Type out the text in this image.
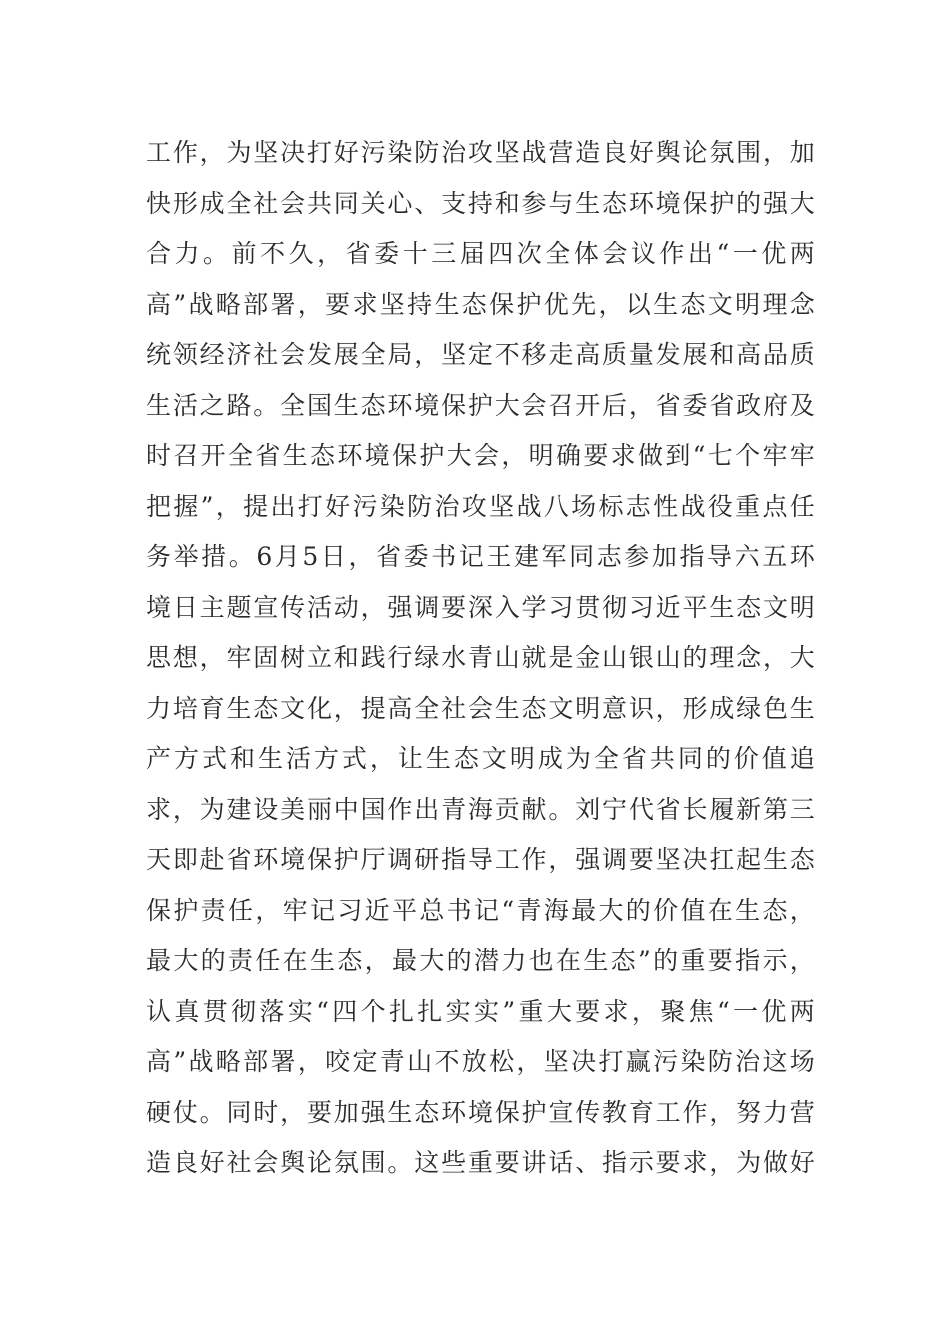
工作，为坚决打好污染防治攻坚战营造良好舆论氛围，加
快形成全社会共同关心、支持和参与生态环境保护的强大
合力。前不久，省委十三届四次全体会议作出“一优两
高”战略部署，要求坚持生态保护优先，以生态文明理念
统领经济社会发展全局，坚定不移走高质量发展和高品质
生活之路。全国生态环境保护大会召开后，省委省政府及
时召开全省生态环境保护大会，明确要求做到“七个牢牢
把握”，提出打好污染防治攻坚战八场标志性战役重点任
务举措。6月5日，省委书记王建军同志参加指导六五环
境日主题宣传活动，强调要深入学习贯彻习近平生态文明
思想，牢固树立和践行绿水青山就是金山银山的理念，大
力培育生态文化，提高全社会生态文明意识，形成绿色生
产方式和生活方式，让生态文明成为全省共同的价值追
求，为建设美丽中国作出青海贡献。刘宁代省长履新第三
天即赴省环境保护厅调研指导工作，强调要坚决扛起生态
保护责任，牢记习近平总书记“青海最大的价值在生态，
最大的责任在生态，最大的潜力也在生态”的重要指示，
认真贯彻落实“四个扎扎实实”重大要求，聚焦“一优两
高”战略部署，咬定青山不放松，坚决打赢污染防治这场
硬仗。同时，要加强生态环境保护宣传教育工作，努力营
造良好社会舆论氛围。这些重要讲话、指示要求，为做好
